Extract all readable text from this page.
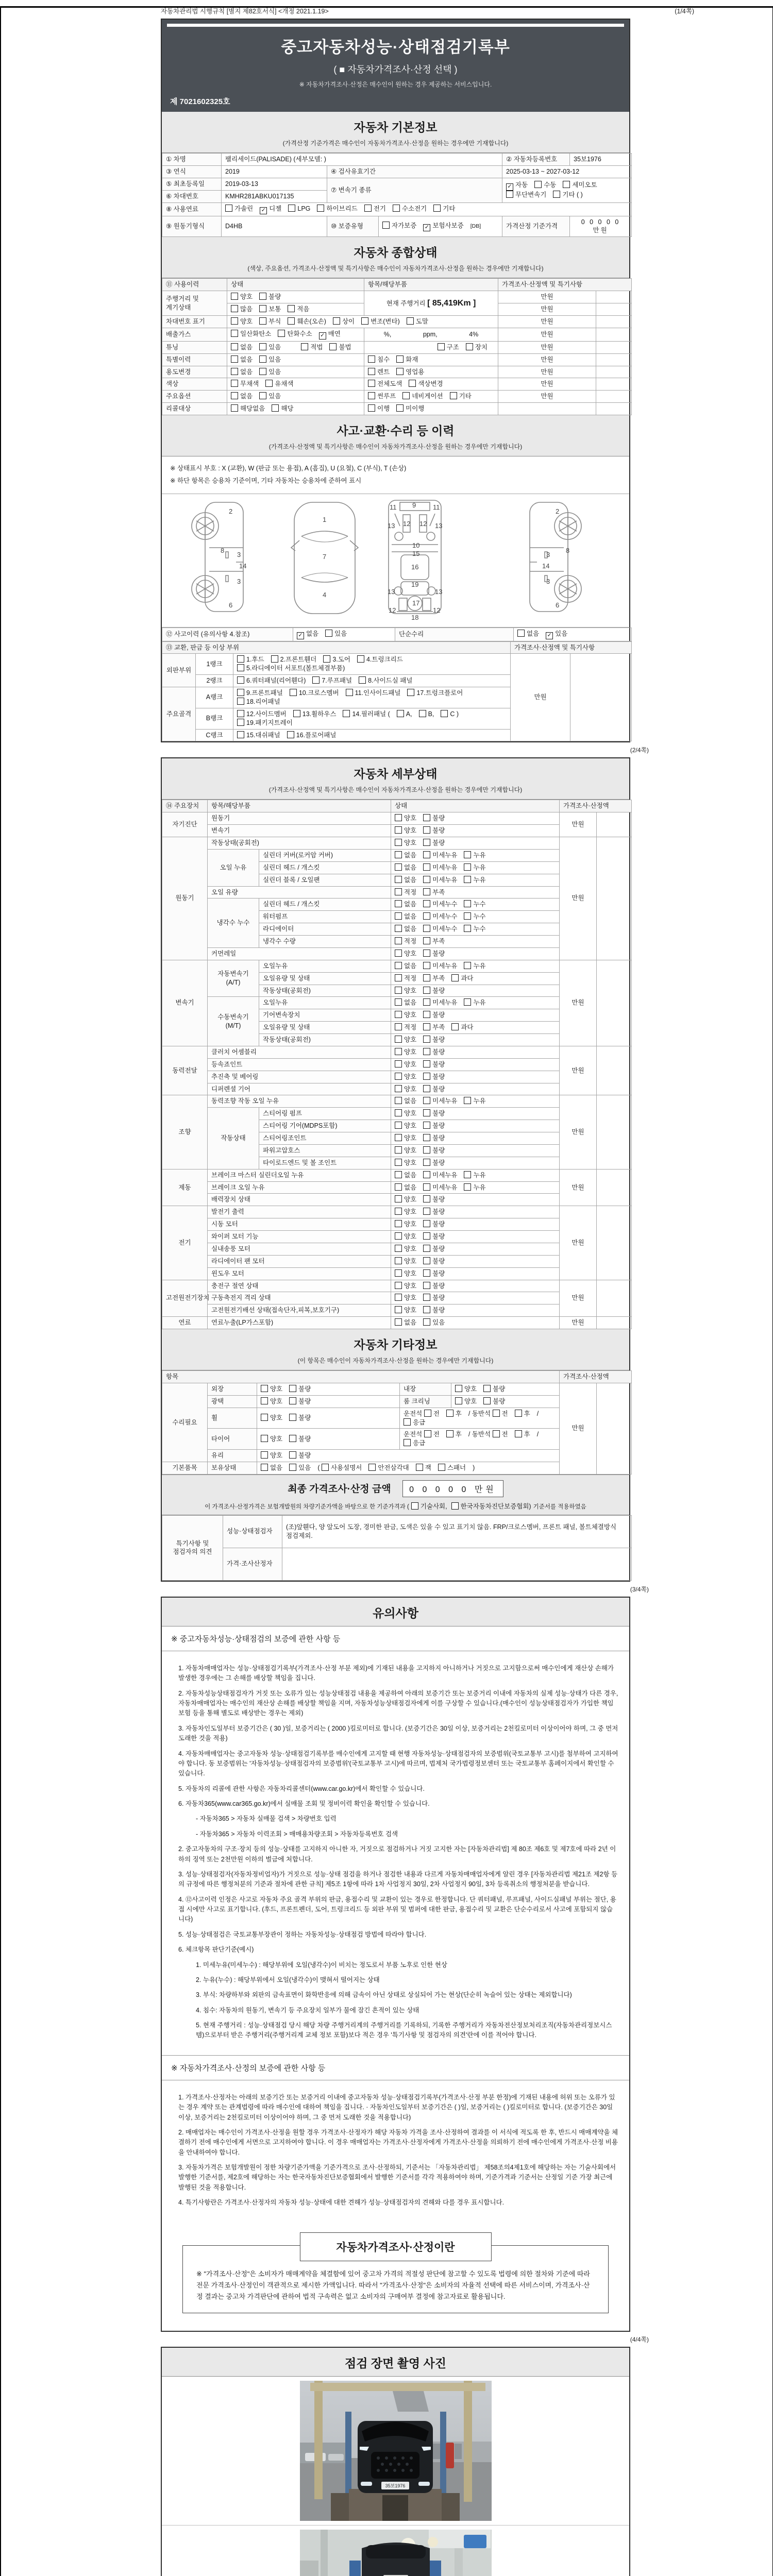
자동차관리법 시행규칙 [별지 제82호서식] <개정 2021.1.19>	(1/4쪽)
중고자동차성능·상태점검기록부
( ■ 자동차가격조사·산정 선택 )
※ 자동차가격조사·산정은 매수인이 원하는 경우 제공하는 서비스입니다.
제 7021602325호
자동차 기본정보
(가격산정 기준가격은 매수인이 자동차가격조사·산정을 원하는 경우에만 기재합니다)
① 차명	팰리세이드(PALISADE) (세부모델: )			② 자동차등록번호	35보1976
③ 연식	2019	④ 검사유효기간		2025-03-13 ~ 2027-03-12	
⑤ 최초등록일	2019-03-13	⑦ 변속기 종류		✓ 자동 수동 세미오토무단변속기 기타 ( )	
⑥ 차대번호	KMHR281ABKU017135				
⑧ 사용연료	가솔린 ✓ 디젤 LPG 하이브리드 전기 수소전기 기타				
⑨ 원동기형식	D4HB	⑩ 보증유형	자가보증 ✓ 보험사보증 [DB]	가격산정 기준가격	0 0 0 0 0 만원
자동차 종합상태
(색상, 주요옵션, 가격조사·산정액 및 특기사항은 매수인이 자동차가격조사·산정을 원하는 경우에만 기재합니다)
⑪ 사용이력	상태	항목/해당부품	가격조사·산정액 및 특기사항	
주행거리 및 계기상태	양호 불량	현재 주행거리 [ 85,419Km ]	만원	
	많음 보통 적음		만원	
차대번호 표기	양호 부식 훼손(오손) 상이 변조(변타) 도말		만원	
배출가스	일산화탄소 탄화수소 ✓ 매연	%, ppm, 4%	만원	
튜닝	없음 있음 적법 불법	구조 장치	만원	
특별이력	없음 있음	침수 화재	만원	
용도변경	없음 있음	렌트 영업용	만원	
색상	무채색 유채색	전체도색 색상변경	만원	
주요옵션	없음 있음	썬루프 네비게이션 기타	만원	
리콜대상	해당없음 해당	이행 미이행		
사고·교환·수리 등 이력
(가격조사·산정액 및 특기사항은 매수인이 자동차가격조사·산정을 원하는 경우에만 기재합니다)
※ 상태표시 부호 : X (교환), W (판금 또는 용접), A (흠집), U (요철), C (부식), T (손상)
※ 하단 항목은 승용차 기준이며, 기타 자동차는 승용차에 준하여 표시
2
8
3
14
3
6
1
7
4
11 9	11
13 12 12 13
10
15
16
19
13	13
12	12
17
18
2
8
3
14
3
6
⑫ 사고이력 (유의사항 4.참조)	✓ 없음 있음	단순수리	없음 ✓ 있음
⑬ 교환, 판금 등 이상 부위			가격조사·산정액 및 특기사항	
외판부위	1랭크	1.후드 2.프론트휀더 3.도어 4.트렁크리드5.라디에이터 서포트(볼트체결부품)	만원	
	2랭크	6.쿼터패널(리어휀다) 7.루프패널 8.사이드실 패널		
주요골격	A랭크	9.프론트패널 10.크로스멤버 11.인사이드패널 17.트렁크플로어18.리어패널		
	B랭크	12.사이드멤버 13.휠하우스 14.필러패널 ( A, B, C )19.패키지트레이		
	C랭크	15.대쉬패널 16.플로어패널		
(2/4쪽)
자동차 세부상태
(가격조사·산정액 및 특기사항은 매수인이 자동차가격조사·산정을 원하는 경우에만 기재합니다)
⑭ 주요장치	항목/해당부품		상태	가격조사·산정액	
자기진단	원동기		양호 불량	만원	
	변속기		양호 불량		
원동기	작동상태(공회전)		양호 불량	만원	
	오일 누유	실린더 커버(로커암 커버)	없음 미세누유 누유		
		실린더 헤드 / 개스킷	없음 미세누유 누유		
		실린더 블록 / 오일팬	없음 미세누유 누유		
	오일 유량		적정 부족		
	냉각수 누수	실린더 헤드 / 개스킷	없음 미세누수 누수		
		워터펌프	없음 미세누수 누수		
		라디에이터	없음 미세누수 누수		
		냉각수 수량	적정 부족		
	커먼레일		양호 불량		
변속기	자동변속기 (A/T)	오일누유	없음 미세누유 누유	만원	
		오일유량 및 상태	적정 부족 과다		
		작동상태(공회전)	양호 불량		
	수동변속기 (M/T)	오일누유	없음 미세누유 누유		
		기어변속장치	양호 불량		
		오일유량 및 상태	적정 부족 과다		
		작동상태(공회전)	양호 불량		
동력전달	클러치 어셈블리		양호 불량	만원	
	등속죠인트		양호 불량		
	추진축 및 베어링		양호 불량		
	디퍼렌셜 기어		양호 불량		
조향	동력조향 작동 오일 누유		없음 미세누유 누유	만원	
	작동상태	스티어링 펌프	양호 불량		
		스티어링 기어(MDPS포함)	양호 불량		
		스티어링조인트	양호 불량		
		파워고압호스	양호 불량		
		타이로드엔드 및 볼 조인트	양호 불량		
제동	브레이크 마스터 실린더오일 누유		없음 미세누유 누유	만원	
	브레이크 오일 누유		없음 미세누유 누유		
	배력장치 상태		양호 불량		
전기	발전기 출력		양호 불량	만원	
	시동 모터		양호 불량		
	와이퍼 모터 기능		양호 불량		
	실내송풍 모터		양호 불량		
	라디에이터 팬 모터		양호 불량		
	윈도우 모터		양호 불량		
고전원전기장치	충전구 절연 상태		양호 불량	만원	
	구동축전지 격리 상태		양호 불량		
	고전원전기배선 상태(접속단자,피복,보호기구)		양호 불량		
연료	연료누출(LP가스포함)		없음 있음	만원	
자동차 기타정보
(이 항목은 매수인이 자동차가격조사·산정을 원하는 경우에만 기재합니다)
항목					가격조사·산정액	
수리필요	외장	양호 불량	내장	양호 불량	만원	
	광택	양호 불량	룸 크리닝	양호 불량		
	휠	양호 불량	운전석 전 후 / 동반석 전 후 / 응급			
	타이어	양호 불량	운전석 전 후 / 동반석 전 후 / 응급			
	유리	양호 불량				
기본품목	보유상태	없음 있음 ( 사용설명서 안전삼각대 잭 스패너 )				
최종 가격조사·산정 금액 0 0 0 0 0 만원
이 가격조사·산정가격은 보험개발원의 차량기준가액을 바탕으로 한 기준가격과 ( 기술사회, 한국자동차진단보증협회) 기준서를 적용하였음
특기사항 및 점검자의 의견	성능·상태점검자	(조)앞휀다, 양 앞도어 도장, 경미한 판금, 도색은 있을 수 있고 표기치 않음. FRP/크로스멤버, 프론트 패널, 볼트체결방식 점검제외.
	가격·조사산정자	
(3/4쪽)
유의사항
※ 중고자동차성능·상태점검의 보증에 관한 사항 등
1. 자동차매매업자는 성능·상태점검기록부(가격조사·산정 부분 제외)에 기재된 내용을 고지하지 아니하거나 거짓으로 고지함으로써 매수인에게 재산상 손해가 발생한 경우에는 그 손해를 배상할 책임을 집니다.
2. 자동차성능상태점검자가 거짓 또는 오류가 있는 성능상태점검 내용을 제공하여 아래의 보증기간 또는 보증거리 이내에 자동차의 실제 성능·상태가 다른 경우, 자동차매매업자는 매수인의 재산상 손해를 배상할 책임을 지며, 자동차성능상태점검자에게 이를 구상할 수 있습니다.(매수인이 성능상태점검자가 가입한 책임보험 등을 통해 별도로 배상받는 경우는 제외)
3. 자동차인도일부터 보증기간은 ( 30 )일, 보증거리는 ( 2000 )킬로미터로 합니다. (보증기간은 30일 이상, 보증거리는 2천킬로미터 이상이어야 하며, 그 중 먼저 도래한 것을 적용)
4. 자동차매매업자는 중고자동차 성능·상태점검기록부를 매수인에게 고지할 때 현행 자동차성능·상태점검자의 보증범위(국토교통부 고시)를 첨부하여 고지하여야 합니다. 동 보증범위는 '자동차성능·상태점검자의 보증범위'(국토교통부 고시)에 따르며, 법제처 국가법령정보센터 또는 국토교통부 홈페이지에서 확인할 수 있습니다.
5. 자동차의 리콜에 관한 사항은 자동차리콜센터(www.car.go.kr)에서 확인할 수 있습니다.
6. 자동차365(www.car365.go.kr)에서 실매물 조회 및 정비이력 확인을 확인할 수 있습니다.
- 자동차365 > 자동차 실매물 검색 > 차량번호 입력
- 자동차365 > 자동차 이력조회 > 매매용차량조회 > 자동차등록번호 검색
2. 중고자동차의 구조·장치 등의 성능·상태를 고지하지 아니한 자, 거짓으로 점검하거나 거짓 고지한 자는 [자동차관리법] 제 80조 제6호 및 제7호에 따라 2년 이하의 징역 또는 2천만원 이하의 벌금에 처합니다.
3. 성능·상태점검자(자동차정비업자)가 거짓으로 성능·상태 점검을 하거나 점검한 내용과 다르게 자동차매매업자에게 알린 경우 [자동차관리법 제21조 제2항 등의 규정에 따른 행정처분의 기준과 절차에 관한 규칙] 제5조 1항에 따라 1차 사업정지 30일, 2차 사업정지 90일, 3차 등록취소의 행정처분을 받습니다.
4. ⑫사고이력 인정은 사고로 자동차 주요 골격 부위의 판금, 용접수리 및 교환이 있는 경우로 한정합니다. 단 쿼터패널, 루프패널, 사이드실패널 부위는 절단, 용접 시에만 사고로 표기합니다. (후드, 프론트펜더, 도어, 트렁크리드 등 외판 부위 및 범퍼에 대한 판금, 용접수리 및 교환은 단순수리로서 사고에 포함되지 않습니다)
5. 성능·상태점검은 국토교통부장관이 정하는 자동차성능·상태점검 방법에 따라야 합니다.
6. 체크항목 판단기준(예시)
1. 미세누유(미세누수) : 해당부위에 오일(냉각수)이 비치는 정도로서 부품 노후로 인한 현상
2. 누유(누수) : 해당부위에서 오일(냉각수)이 맺혀서 떨어지는 상태
3. 부식: 차량하부와 외판의 금속표면이 화학반응에 의해 금속이 아닌 상태로 상실되어 가는 현상(단순히 녹슬어 있는 상태는 제외합니다)
4. 침수: 자동차의 원동기, 변속기 등 주요장치 일부가 물에 잠긴 흔적이 있는 상태
5. 현재 주행거리 : 성능·상태점검 당시 해당 차량 주행거리계의 주행거리를 기록하되, 기록한 주행거리가 자동차전산정보처리조직(자동차관리정보시스템)으로부터 받은 주행거리(주행거리계 교체 정보 포함)보다 적은 경우 '특기사항 및 점검자의 의견'란에 이를 적어야 합니다.
※ 자동차가격조사·산정의 보증에 관한 사항 등
1. 가격조사·산정자는 아래의 보증기간 또는 보증거리 이내에 중고자동차 성능·상태점검기록부(가격조사·산정 부분 한정)에 기재된 내용에 허위 또는 오류가 있는 경우 계약 또는 관계법령에 따라 매수인에 대하여 책임을 집니다. · 자동차인도일부터 보증기간은 ( )일, 보증거리는 ( )킬로미터로 합니다. (보증기간은 30일 이상, 보증거리는 2천킬로미터 이상이어야 하며, 그 중 먼저 도래한 것을 적용합니다)
2. 매매업자는 매수인이 가격조사·산정을 원할 경우 가격조사·산정자가 해당 자동차 가격을 조사·산정하여 결과를 이 서식에 적도록 한 후, 반드시 매매계약을 체결하기 전에 매수인에게 서면으로 고지하여야 합니다. 이 경우 매매업자는 가격조사·산정자에게 가격조사·산정을 의뢰하기 전에 매수인에게 가격조사·산정 비용을 안내하여야 합니다.
3. 자동차가격은 보험개발원이 정한 차량기준가액을 기준가격으로 조사·산정하되, 기준서는 「자동차관리법」 제58조의4제1호에 해당하는 자는 기술사회에서 발행한 기준서를, 제2호에 해당하는 자는 한국자동차진단보증협회에서 발행한 기준서를 각각 적용하여야 하며, 기준가격과 기준서는 산정일 기준 가장 최근에 발행된 것을 적용합니다.
4. 특기사항란은 가격조사·산정자의 자동차 성능·상태에 대한 견해가 성능·상태점검자의 견해와 다를 경우 표시합니다.
자동차가격조사·산정이란
※ "가격조사·산정"은 소비자가 매매계약을 체결함에 있어 중고차 가격의 적절성 판단에 참고할 수 있도록 법령에 의한 절차와 기준에 따라 전문 가격조사·산정인이 객관적으로 제시한 가액입니다. 따라서 "가격조사·산정"은 소비자의 자율적 선택에 따른 서비스이며, 가격조사·산정 결과는 중고차 가격판단에 관하여 법적 구속력은 없고 소비자의 구매여부 결정에 참고자료로 활용됩니다.
(4/4쪽)
점검 장면 촬영 사진
35보1976
